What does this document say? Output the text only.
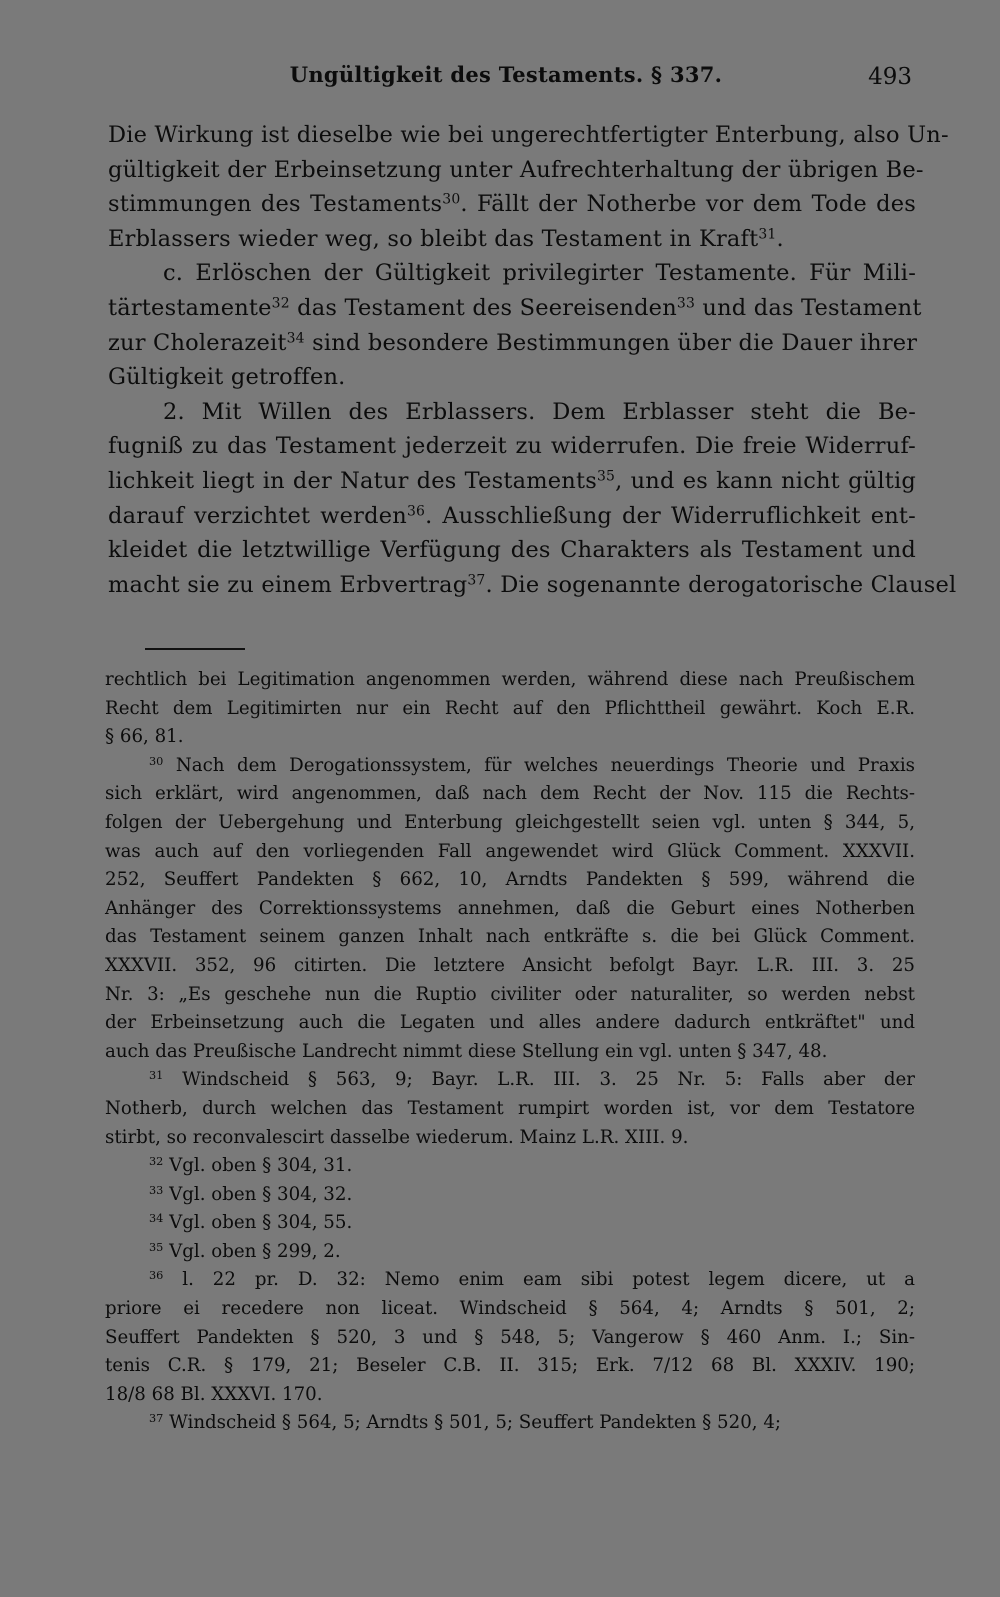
Ungültigkeit des Testaments. § 337.	493
Die Wirkung ist dieselbe wie bei ungerechtfertigter Enterbung, also Un-
gültigkeit der Erbeinsetzung unter Aufrechterhaltung der übrigen Be-
stimmungen des Testaments$^{30}$. Fällt der Notherbe vor dem Tode des
Erblassers wieder weg, so bleibt das Testament in Kraft$^{31}$.
c. Erlöschen der Gültigkeit privilegirter Testamente. Für Mili-
tärtestamente$^{32}$ das Testament des Seereisenden$^{33}$ und das Testament
zur Cholerazeit$^{34}$ sind besondere Bestimmungen über die Dauer ihrer
Gültigkeit getroffen.
2. Mit Willen des Erblassers. Dem Erblasser steht die Be-
fugniß zu das Testament jederzeit zu widerrufen. Die freie Widerruf-
lichkeit liegt in der Natur des Testaments$^{35}$, und es kann nicht gültig
darauf verzichtet werden$^{36}$. Ausschließung der Widerruflichkeit ent-
kleidet die letztwillige Verfügung des Charakters als Testament und
macht sie zu einem Erbvertrag$^{37}$. Die sogenannte derogatorische Clausel
rechtlich bei Legitimation angenommen werden, während diese nach Preußischem
Recht dem Legitimirten nur ein Recht auf den Pflichttheil gewährt. Koch E.R.
§ 66, 81.
$^{30}$ Nach dem Derogationssystem, für welches neuerdings Theorie und Praxis
sich erklärt, wird angenommen, daß nach dem Recht der Nov. 115 die Rechts-
folgen der Uebergehung und Enterbung gleichgestellt seien vgl. unten § 344, 5,
was auch auf den vorliegenden Fall angewendet wird Glück Comment. XXXVII.
252, Seuffert Pandekten § 662, 10, Arndts Pandekten § 599, während die
Anhänger des Correktionssystems annehmen, daß die Geburt eines Notherben
das Testament seinem ganzen Inhalt nach entkräfte s. die bei Glück Comment.
XXXVII. 352, 96 citirten. Die letztere Ansicht befolgt Bayr. L.R. III. 3. 25
Nr. 3: „Es geschehe nun die Ruptio civiliter oder naturaliter, so werden nebst
der Erbeinsetzung auch die Legaten und alles andere dadurch entkräftet" und
auch das Preußische Landrecht nimmt diese Stellung ein vgl. unten § 347, 48.
$^{31}$ Windscheid § 563, 9; Bayr. L.R. III. 3. 25 Nr. 5: Falls aber der
Notherb, durch welchen das Testament rumpirt worden ist, vor dem Testatore
stirbt, so reconvalescirt dasselbe wiederum. Mainz L.R. XIII. 9.
$^{32}$ Vgl. oben § 304, 31.
$^{33}$ Vgl. oben § 304, 32.
$^{34}$ Vgl. oben § 304, 55.
$^{35}$ Vgl. oben § 299, 2.
$^{36}$ l. 22 pr. D. 32: Nemo enim eam sibi potest legem dicere, ut a
priore ei recedere non liceat. Windscheid § 564, 4; Arndts § 501, 2;
Seuffert Pandekten § 520, 3 und § 548, 5; Vangerow § 460 Anm. I.; Sin-
tenis C.R. § 179, 21; Beseler C.B. II. 315; Erk. 7/12 68 Bl. XXXIV. 190;
18/8 68 Bl. XXXVI. 170.
$^{37}$ Windscheid § 564, 5; Arndts § 501, 5; Seuffert Pandekten § 520, 4;
